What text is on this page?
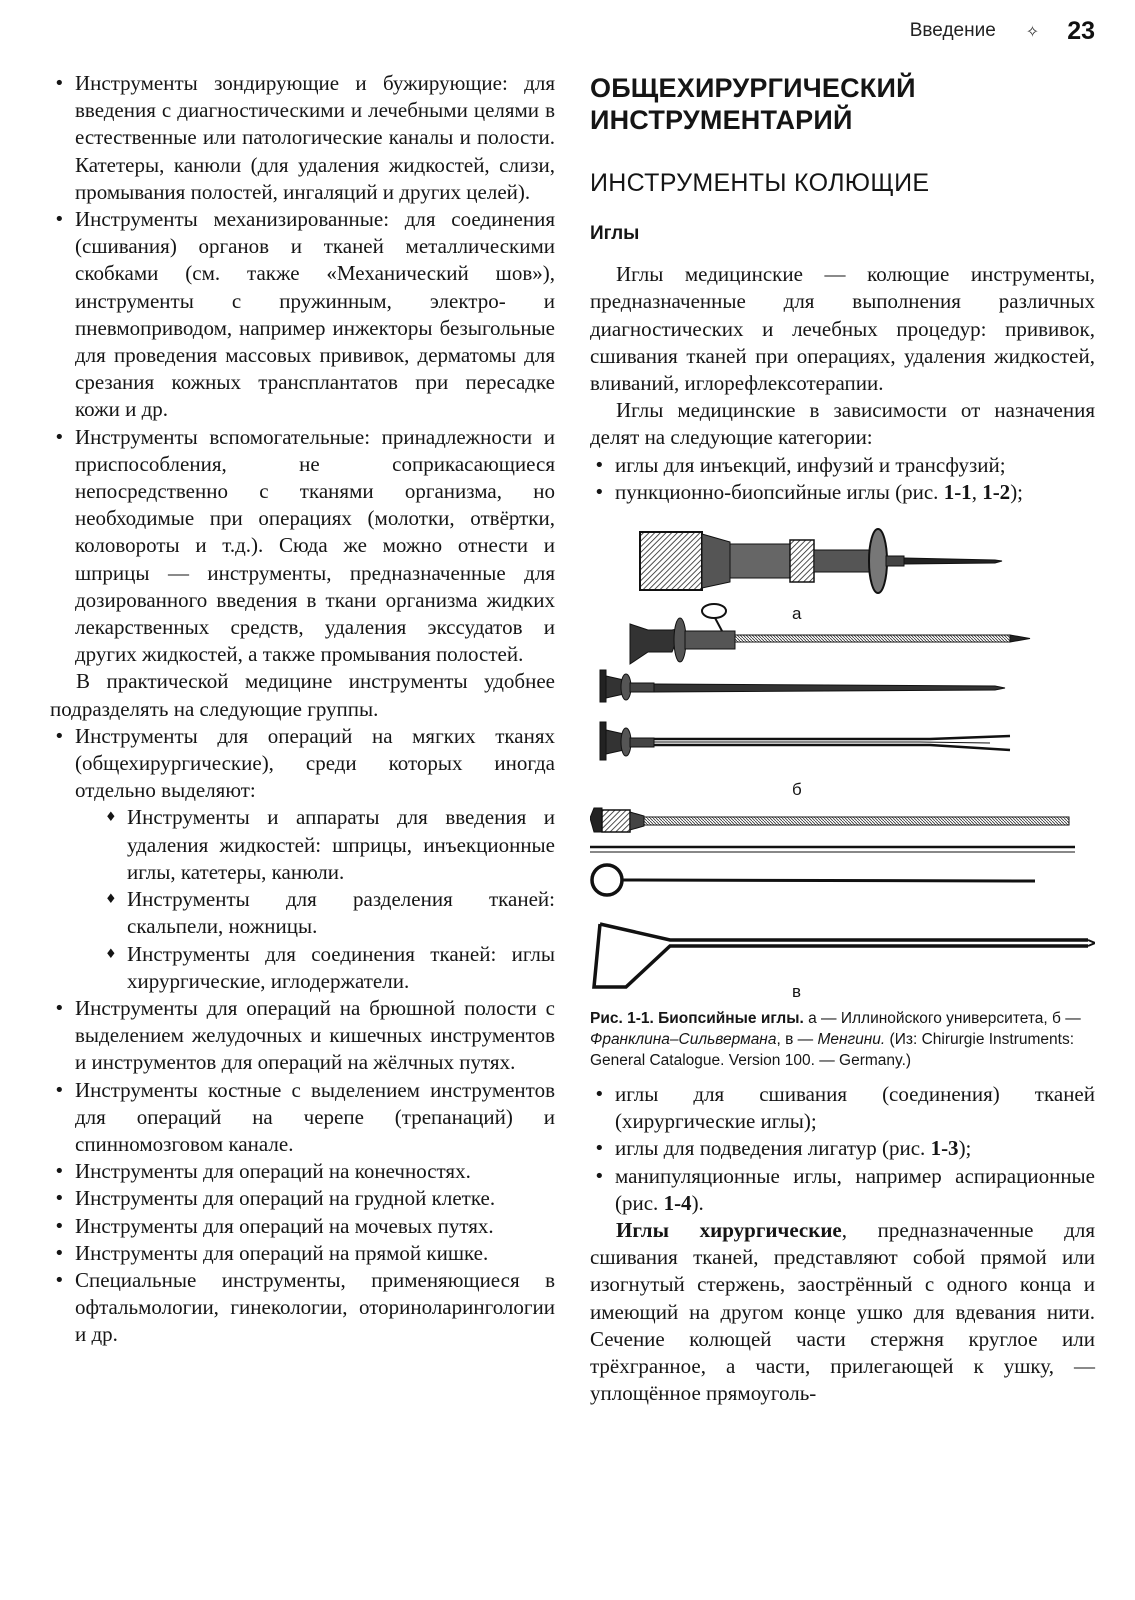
Введение ✧ 23
• Инструменты зондирующие и бужирующие: для введения с диагностическими и лечебными целями в естественные или патологические каналы и полости. Катетеры, канюли (для удаления жидкостей, слизи, промывания полостей, ингаляций и других целей).
• Инструменты механизированные: для соединения (сшивания) органов и тканей металлическими скобками (см. также «Механический шов»), инструменты с пружинным, электро- и пневмоприводом, например инжекторы безыгольные для проведения массовых прививок, дерматомы для срезания кожных трансплантатов при пересадке кожи и др.
• Инструменты вспомогательные: принадлежности и приспособления, не соприкасающиеся непосредственно с тканями организма, но необходимые при операциях (молотки, отвёртки, коловороты и т.д.). Сюда же можно отнести и шприцы — инструменты, предназначенные для дозированного введения в ткани организма жидких лекарственных средств, удаления экссудатов и других жидкостей, а также промывания полостей.

В практической медицине инструменты удобнее подразделять на следующие группы.

• Инструменты для операций на мягких тканях (общехирургические), среди которых иногда отдельно выделяют:
♦ Инструменты и аппараты для введения и удаления жидкостей: шприцы, инъекционные иглы, катетеры, канюли.
♦ Инструменты для разделения тканей: скальпели, ножницы.
♦ Инструменты для соединения тканей: иглы хирургические, иглодержатели.
• Инструменты для операций на брюшной полости с выделением желудочных и кишечных инструментов и инструментов для операций на жёлчных путях.
• Инструменты костные с выделением инструментов для операций на черепе (трепанаций) и спинномозговом канале.
• Инструменты для операций на конечностях.
• Инструменты для операций на грудной клетке.
• Инструменты для операций на мочевых путях.
• Инструменты для операций на прямой кишке.
• Специальные инструменты, применяющиеся в офтальмологии, гинекологии, оториноларингологии и др.
ОБЩЕХИРУРГИЧЕСКИЙ ИНСТРУМЕНТАРИЙ
ИНСТРУМЕНТЫ КОЛЮЩИЕ
Иглы

Иглы медицинские — колющие инструменты, предназначенные для выполнения различных диагностических и лечебных процедур: прививок, сшивания тканей при операциях, удаления жидкостей, вливаний, иглорефлексотерапии.

Иглы медицинские в зависимости от назначения делят на следующие категории:

• иглы для инъекций, инфузий и трансфузий;
• пункционно-биопсийные иглы (рис. 1-1, 1-2);
а
б
в
Рис. 1-1. Биопсийные иглы. а — Иллинойского университета, б — Франклина–Сильвермана, в — Менгини. (Из: Chirurgie Instruments: General Catalogue. Version 100. — Germany.)
• иглы для сшивания (соединения) тканей (хирургические иглы);
• иглы для подведения лигатур (рис. 1-3);
• манипуляционные иглы, например аспирационные (рис. 1-4).

Иглы хирургические, предназначенные для сшивания тканей, представляют собой прямой или изогнутый стержень, заострённый с одного конца и имеющий на другом конце ушко для вдевания нити. Сечение колющей части стержня круглое или трёхгранное, а части, прилегающей к ушку, — уплощённое прямоуголь-
